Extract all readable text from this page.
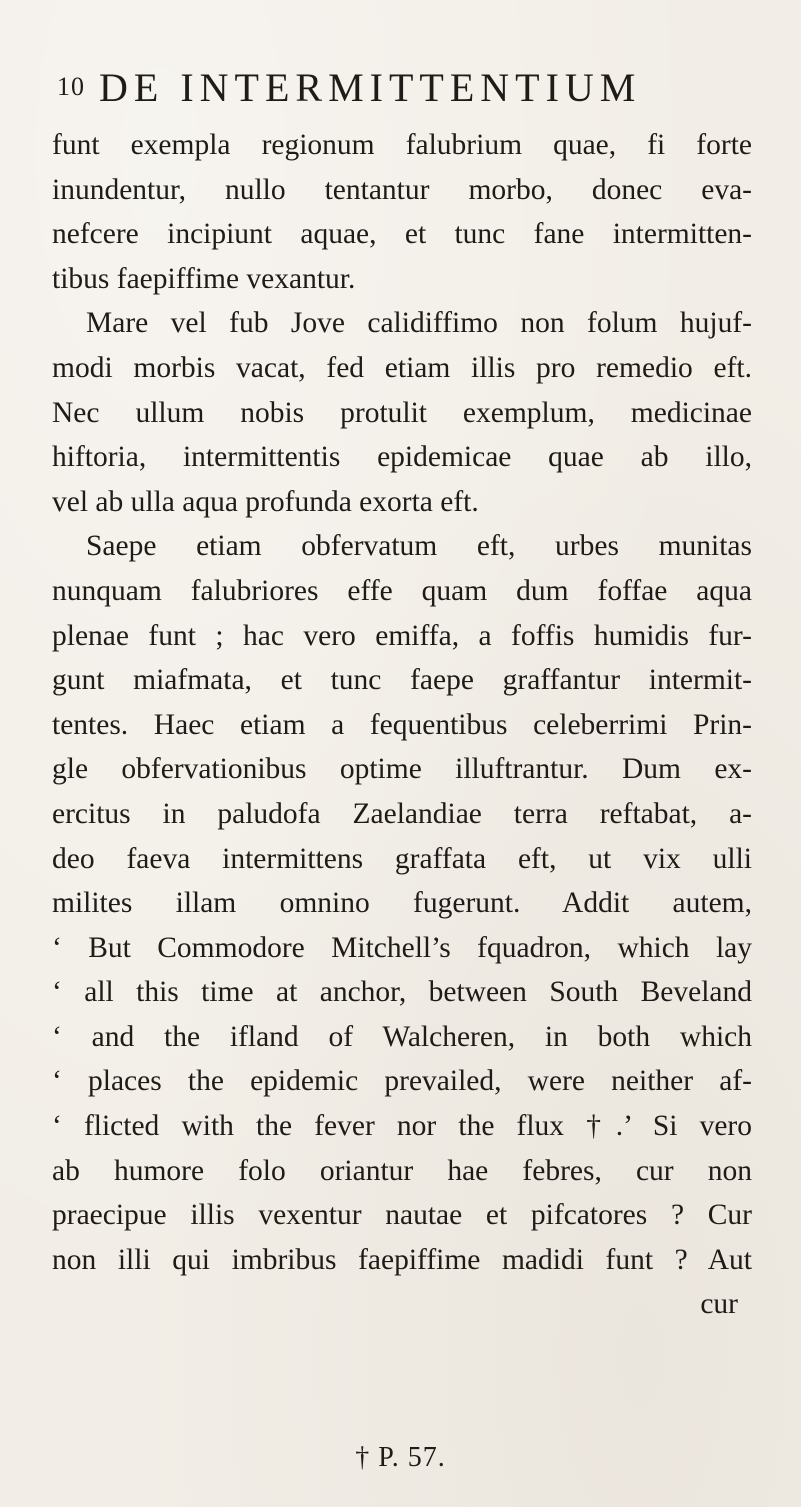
10 DE INTERMITTENTIUM
funt exempla regionum falubrium quae, fi forte
inundentur, nullo tentantur morbo, donec eva-
nefcere incipiunt aquae, et tunc fane intermitten-
tibus faepiffime vexantur.
Mare vel fub Jove calidiffimo non folum hujuf-
modi morbis vacat, fed etiam illis pro remedio eft.
Nec ullum nobis protulit exemplum, medicinae
hiftoria, intermittentis epidemicae quae ab illo,
vel ab ulla aqua profunda exorta eft.
Saepe etiam obfervatum eft, urbes munitas
nunquam falubriores effe quam dum foffae aqua
plenae funt ; hac vero emiffa, a foffis humidis fur-
gunt miafmata, et tunc faepe graffantur intermit-
tentes. Haec etiam a fequentibus celeberrimi Prin-
gle obfervationibus optime illuftrantur. Dum ex-
ercitus in paludofa Zaelandiae terra reftabat, a-
deo faeva intermittens graffata eft, ut vix ulli
milites illam omnino fugerunt. Addit autem,
‘ But Commodore Mitchell’s fquadron, which lay
‘ all this time at anchor, between South Beveland
‘ and the ifland of Walcheren, in both which
‘ places the epidemic prevailed, were neither af-
‘ flicted with the fever nor the flux †.’ Si vero
ab humore folo oriantur hae febres, cur non
praecipue illis vexentur nautae et pifcatores ? Cur
non illi qui imbribus faepiffime madidi funt ? Aut
cur
† P. 57.
